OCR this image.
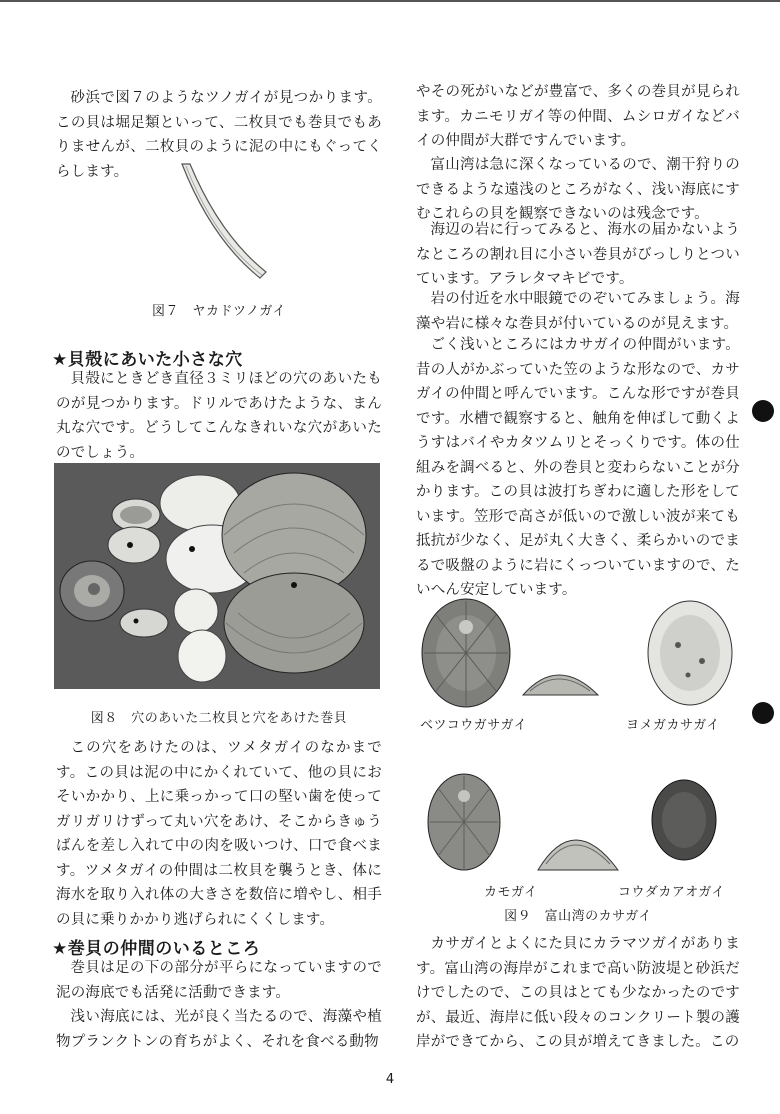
砂浜で図７のようなツノガイが見つかります。この貝は堀足類といって、二枚貝でも巻貝でもありませんが、二枚貝のように泥の中にもぐってくらします。

図７　ヤカドツノガイ

★貝殻にあいた小さな穴

貝殻にときどき直径３ミリほどの穴のあいたものが見つかります。ドリルであけたような、まん丸な穴です。どうしてこんなきれいな穴があいたのでしょう。

図８　穴のあいた二枚貝と穴をあけた巻貝

この穴をあけたのは、ツメタガイのなかまです。この貝は泥の中にかくれていて、他の貝におそいかかり、上に乗っかって口の堅い歯を使ってガリガリけずって丸い穴をあけ、そこからきゅうばんを差し入れて中の肉を吸いつけ、口で食べます。ツメタガイの仲間は二枚貝を襲うとき、体に海水を取り入れ体の大きさを数倍に増やし、相手の貝に乗りかかり逃げられにくくします。

★巻貝の仲間のいるところ

巻貝は足の下の部分が平らになっていますので泥の海底でも活発に活動できます。

浅い海底には、光が良く当たるので、海藻や植物プランクトンの育ちがよく、それを食べる動物

やその死がいなどが豊富で、多くの巻貝が見られます。カニモリガイ等の仲間、ムシロガイなどバイの仲間が大群ですんでいます。

富山湾は急に深くなっているので、潮干狩りのできるような遠浅のところがなく、浅い海底にすむこれらの貝を観察できないのは残念です。

海辺の岩に行ってみると、海水の届かないようなところの割れ目に小さい巻貝がびっしりとついています。アラレタマキビです。

岩の付近を水中眼鏡でのぞいてみましょう。海藻や岩に様々な巻貝が付いているのが見えます。

ごく浅いところにはカサガイの仲間がいます。昔の人がかぶっていた笠のような形なので、カサガイの仲間と呼んでいます。こんな形ですが巻貝です。水槽で観察すると、触角を伸ばして動くようすはバイやカタツムリとそっくりです。体の仕組みを調べると、外の巻貝と変わらないことが分かります。この貝は波打ちぎわに適した形をしています。笠形で高さが低いので激しい波が来ても抵抗が少なく、足が丸く大きく、柔らかいのでまるで吸盤のように岩にくっついていますので、たいへん安定しています。

ベツコウガサガイ	ヨメガカサガイ

カモガイ	コウダカアオガイ

図９　富山湾のカサガイ

カサガイとよくにた貝にカラマツガイがあります。富山湾の海岸がこれまで高い防波堤と砂浜だけでしたので、この貝はとても少なかったのですが、最近、海岸に低い段々のコンクリート製の護岸ができてから、この貝が増えてきました。この

4
